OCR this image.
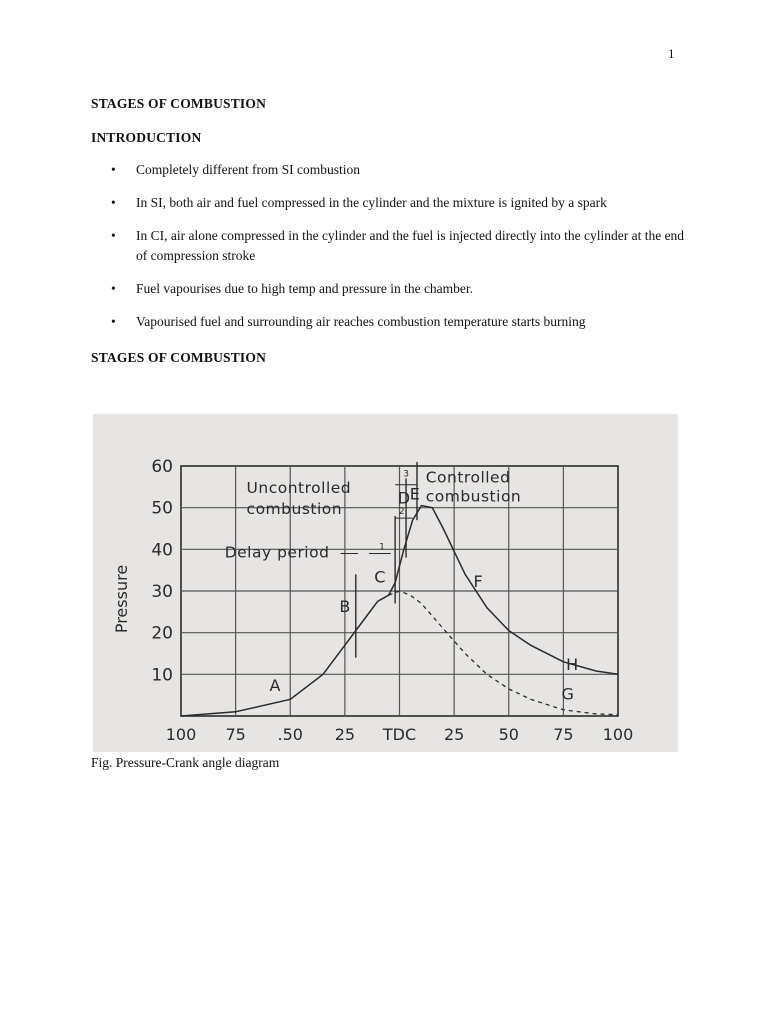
1
STAGES OF COMBUSTION
INTRODUCTION
• Completely different from SI combustion
• In SI, both air and fuel compressed in the cylinder and the mixture is ignited by a spark
• In CI, air alone compressed in the cylinder and the fuel is injected directly into the cylinder at the end of compression stroke
• Fuel vapourises due to high temp and pressure in the chamber.
• Vapourised fuel and surrounding air reaches combustion temperature starts burning
STAGES OF COMBUSTION
60
50
40
30
20
10
100 75 .50 25 TDC 25 50 75 100
Pressure
3
2
1
A
B
C
D E
F
G
H
Uncontrolled
combustion
Delay period
Controlled
combustion
Fig. Pressure-Crank angle diagram
